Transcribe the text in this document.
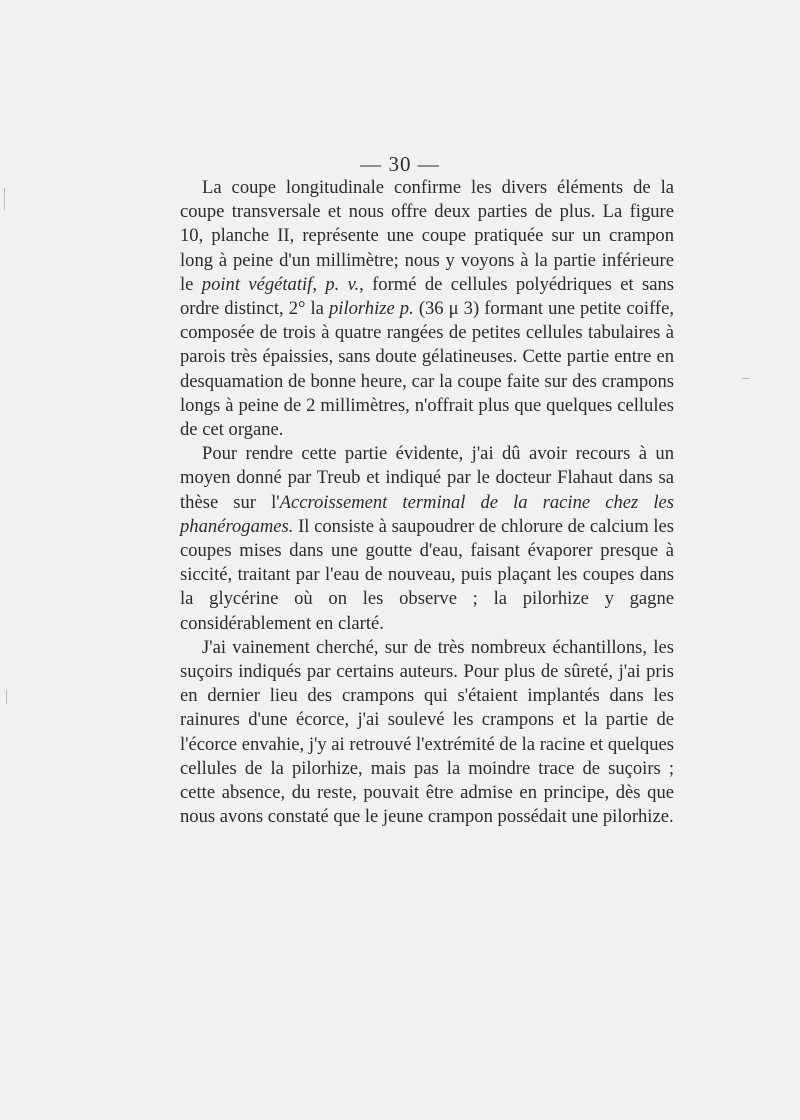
— 30 —

La coupe longitudinale confirme les divers éléments de la coupe transversale et nous offre deux parties de plus. La figure 10, planche II, représente une coupe pratiquée sur un crampon long à peine d'un millimètre; nous y voyons à la partie inférieure le point végétatif, p. v., formé de cellules polyédriques et sans ordre distinct, 2° la pilorhize p. (36 μ 3) formant une petite coiffe, composée de trois à quatre rangées de petites cellules tabulaires à parois très épaissies, sans doute gélatineuses. Cette partie entre en desquamation de bonne heure, car la coupe faite sur des crampons longs à peine de 2 millimètres, n'offrait plus que quelques cellules de cet organe.

Pour rendre cette partie évidente, j'ai dû avoir recours à un moyen donné par Treub et indiqué par le docteur Flahaut dans sa thèse sur l'Accroissement terminal de la racine chez les phanérogames. Il consiste à saupoudrer de chlorure de calcium les coupes mises dans une goutte d'eau, faisant évaporer presque à siccité, traitant par l'eau de nouveau, puis plaçant les coupes dans la glycérine où on les observe ; la pilorhize y gagne considérablement en clarté.

J'ai vainement cherché, sur de très nombreux échantillons, les suçoirs indiqués par certains auteurs. Pour plus de sûreté, j'ai pris en dernier lieu des crampons qui s'étaient implantés dans les rainures d'une écorce, j'ai soulevé les crampons et la partie de l'écorce envahie, j'y ai retrouvé l'extrémité de la racine et quelques cellules de la pilorhize, mais pas la moindre trace de suçoirs ; cette absence, du reste, pouvait être admise en principe, dès que nous avons constaté que le jeune crampon possédait une pilorhize.
